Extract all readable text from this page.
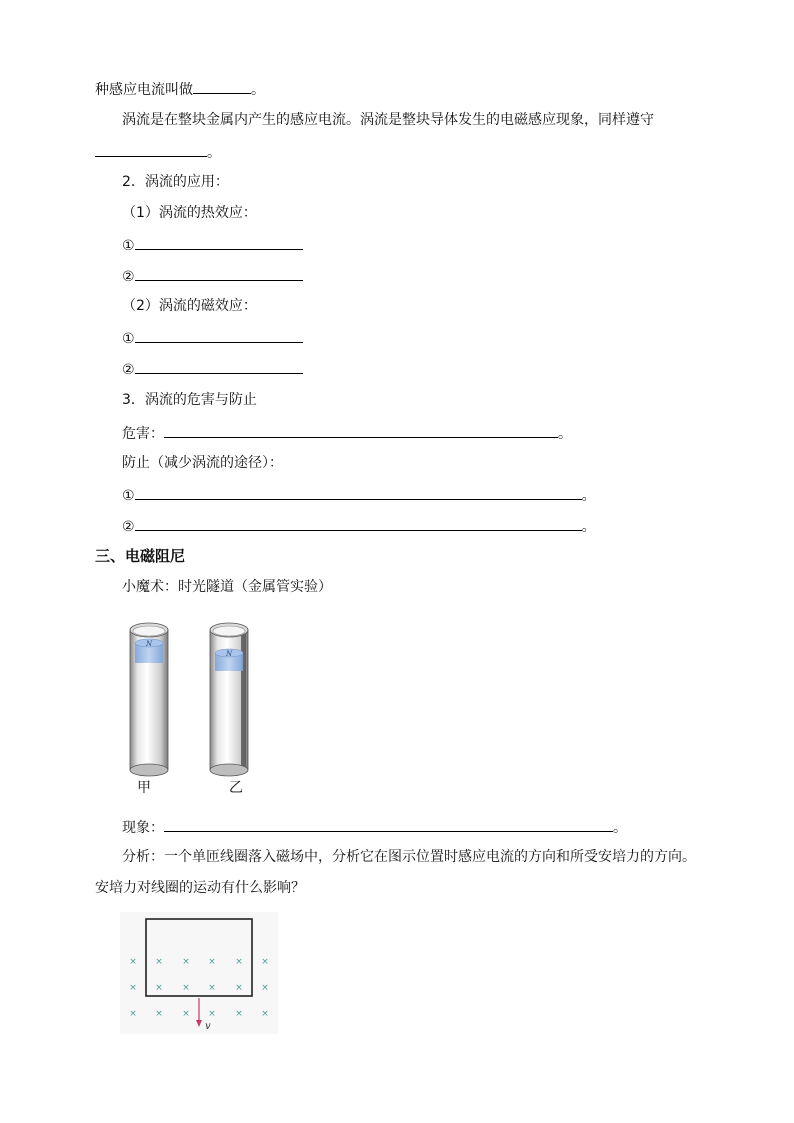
种感应电流叫做	。
涡流是在整块金属内产生的感应电流。涡流是整块导体发生的电磁感应现象，同样遵守
。
2．涡流的应用：
（1）涡流的热效应：
①
②
（2）涡流的磁效应：
①
②
3．涡流的危害与防止
危害：	。
防止（减少涡流的途径）：
①	。
②	。
三、电磁阻尼
小魔术：时光隧道（金属管实验）
N
N
甲	乙
现象：	。
分析：一个单匝线圈落入磁场中，分析它在图示位置时感应电流的方向和所受安培力的方向。
安培力对线圈的运动有什么影响？
× × × × × ×
× × × × × ×
× × × × × ×
v
